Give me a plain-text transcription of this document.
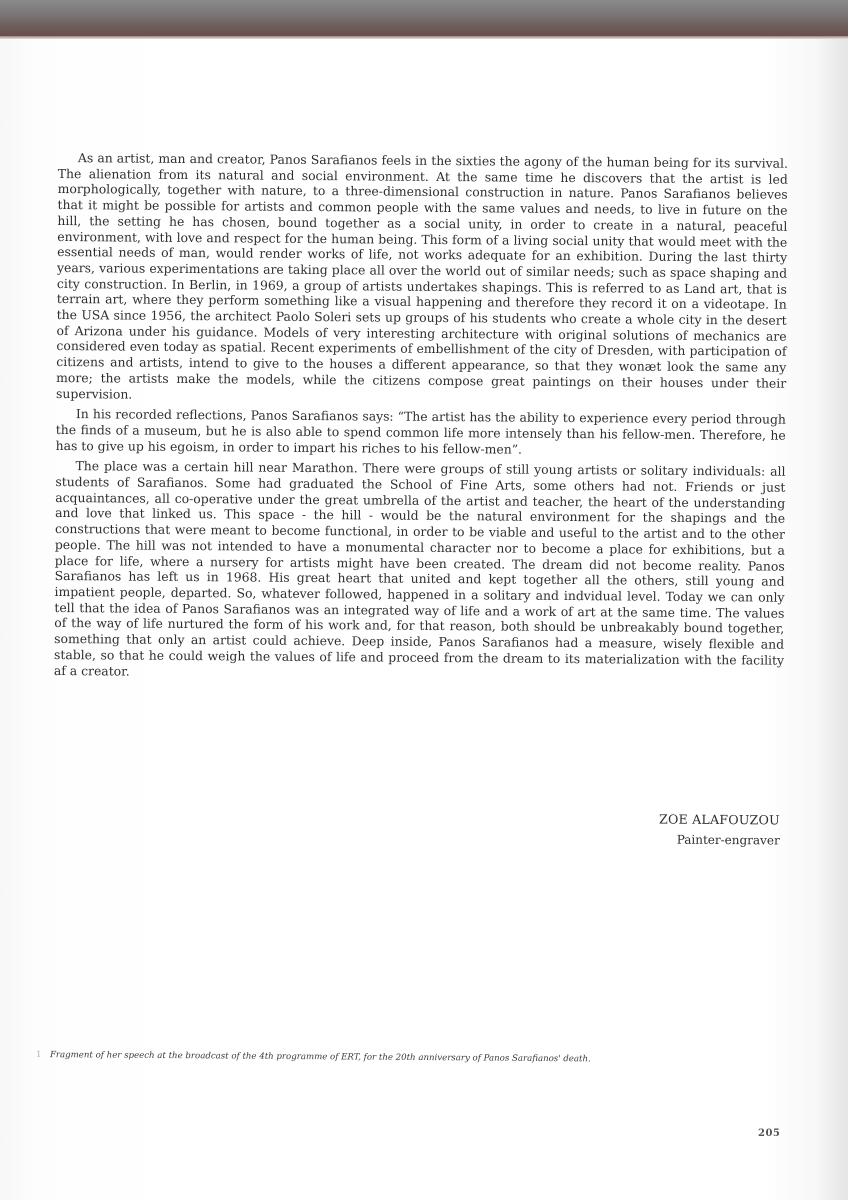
As an artist, man and creator, Panos Sarafianos feels in the sixties the agony of the human being for its survival. The alienation from its natural and social environment. At the same time he discovers that the artist is led morphologically, together with nature, to a three-dimensional construction in nature. Panos Sarafianos believes that it might be possible for artists and common people with the same values and needs, to live in future on the hill, the setting he has chosen, bound together as a social unity, in order to create in a natural, peaceful environment, with love and respect for the human being. This form of a living social unity that would meet with the essential needs of man, would render works of life, not works adequate for an exhibition. During the last thirty years, various experimentations are taking place all over the world out of similar needs; such as space shaping and city construction. In Berlin, in 1969, a group of artists undertakes shapings. This is referred to as Land art, that is terrain art, where they perform something like a visual happening and therefore they record it on a videotape. In the USA since 1956, the architect Paolo Soleri sets up groups of his students who create a whole city in the desert of Arizona under his guidance. Models of very interesting architecture with original solutions of mechanics are considered even today as spatial. Recent experiments of embellishment of the city of Dresden, with participation of citizens and artists, intend to give to the houses a different appearance, so that they wonæt look the same any more; the artists make the models, while the citizens compose great paintings on their houses under their supervision.

In his recorded reflections, Panos Sarafianos says: “The artist has the ability to experience every period through the finds of a museum, but he is also able to spend common life more intensely than his fellow-men. Therefore, he has to give up his egoism, in order to impart his riches to his fellow-men”.

The place was a certain hill near Marathon. There were groups of still young artists or solitary individuals: all students of Sarafianos. Some had graduated the School of Fine Arts, some others had not. Friends or just acquaintances, all co-operative under the great umbrella of the artist and teacher, the heart of the understanding and love that linked us. This space - the hill - would be the natural environment for the shapings and the constructions that were meant to become functional, in order to be viable and useful to the artist and to the other people. The hill was not intended to have a monumental character nor to become a place for exhibitions, but a place for life, where a nursery for artists might have been created. The dream did not become reality. Panos Sarafianos has left us in 1968. His great heart that united and kept together all the others, still young and impatient people, departed. So, whatever followed, happened in a solitary and indvidual level. Today we can only tell that the idea of Panos Sarafianos was an integrated way of life and a work of art at the same time. The values of the way of life nurtured the form of his work and, for that reason, both should be unbreakably bound together, something that only an artist could achieve. Deep inside, Panos Sarafianos had a measure, wisely flexible and stable, so that he could weigh the values of life and proceed from the dream to its materialization with the facility af a creator.

ZOE ALAFOUZOU
Painter-engraver
1 Fragment of her speech at the broadcast of the 4th programme of ERT, for the 20th anniversary of Panos Sarafianos' death.
205
